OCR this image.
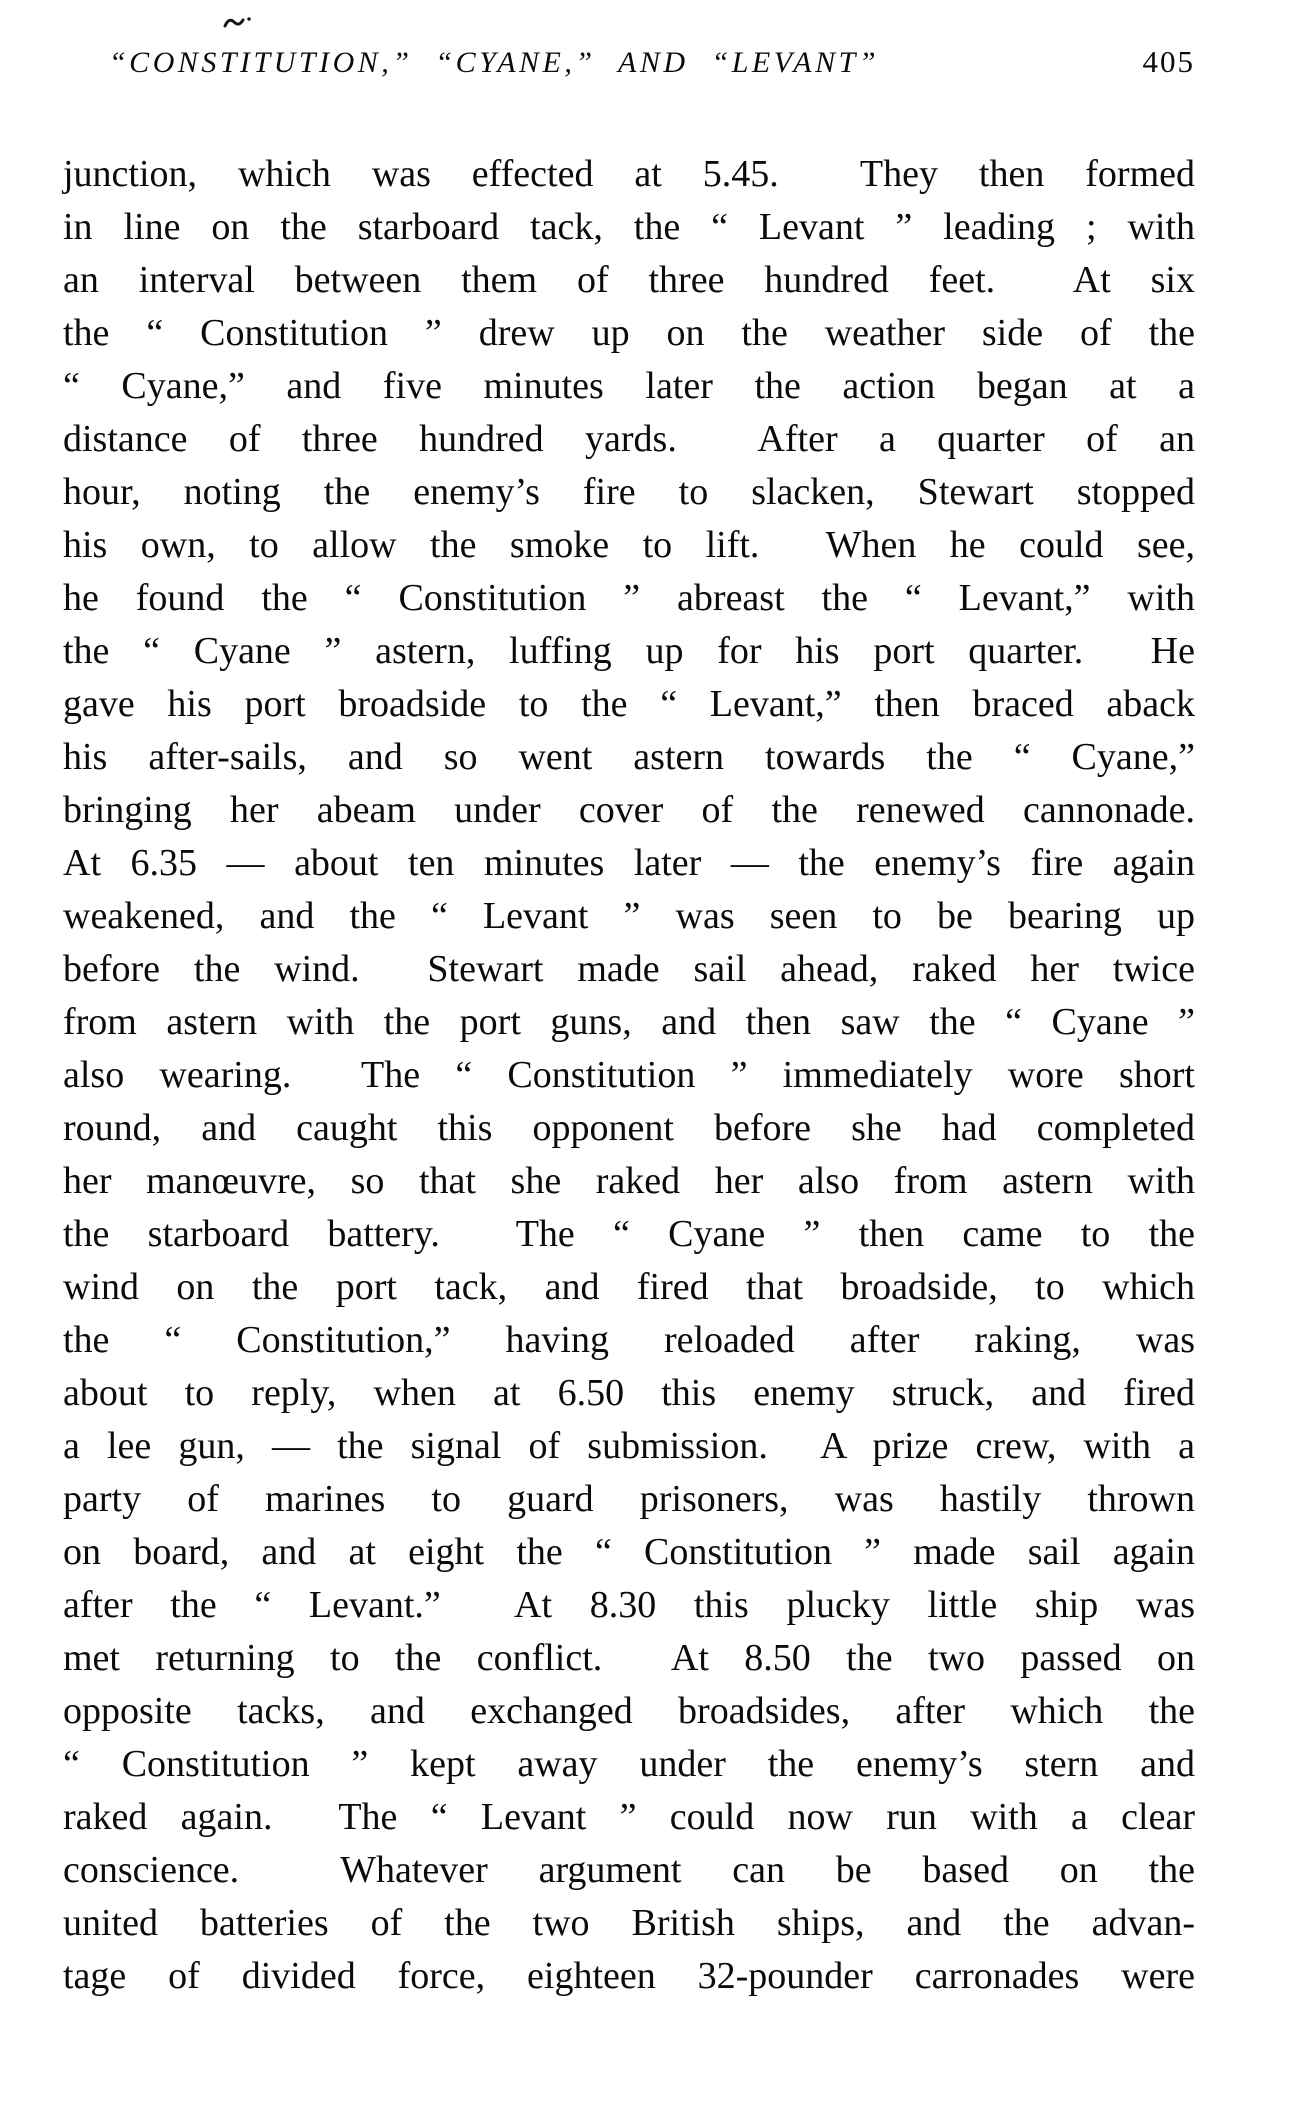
“CONSTITUTION,” “CYANE,” AND “LEVANT”	405
junction, which was effected at 5.45.  They then formed
in line on the starboard tack, the “ Levant ” leading ; with
an interval between them of three hundred feet.  At six
the “ Constitution ” drew up on the weather side of the
“ Cyane,” and five minutes later the action began at a
distance of three hundred yards.  After a quarter of an
hour, noting the enemy’s fire to slacken, Stewart stopped
his own, to allow the smoke to lift.  When he could see,
he found the “ Constitution ” abreast the “ Levant,” with
the “ Cyane ” astern, luffing up for his port quarter.  He
gave his port broadside to the “ Levant,” then braced aback
his after-sails, and so went astern towards the “ Cyane,”
bringing her abeam under cover of the renewed cannonade.
At 6.35 — about ten minutes later — the enemy’s fire again
weakened, and the “ Levant ” was seen to be bearing up
before the wind.  Stewart made sail ahead, raked her twice
from astern with the port guns, and then saw the “ Cyane ”
also wearing.  The “ Constitution ” immediately wore short
round, and caught this opponent before she had completed
her manœuvre, so that she raked her also from astern with
the starboard battery.  The “ Cyane ” then came to the
wind on the port tack, and fired that broadside, to which
the “ Constitution,” having reloaded after raking, was
about to reply, when at 6.50 this enemy struck, and fired
a lee gun, — the signal of submission.  A prize crew, with a
party of marines to guard prisoners, was hastily thrown
on board, and at eight the “ Constitution ” made sail again
after the “ Levant.”  At 8.30 this plucky little ship was
met returning to the conflict.  At 8.50 the two passed on
opposite tacks, and exchanged broadsides, after which the
“ Constitution ” kept away under the enemy’s stern and
raked again.  The “ Levant ” could now run with a clear
conscience.  Whatever argument can be based on the
united batteries of the two British ships, and the advan-
tage of divided force, eighteen 32-pounder carronades were
